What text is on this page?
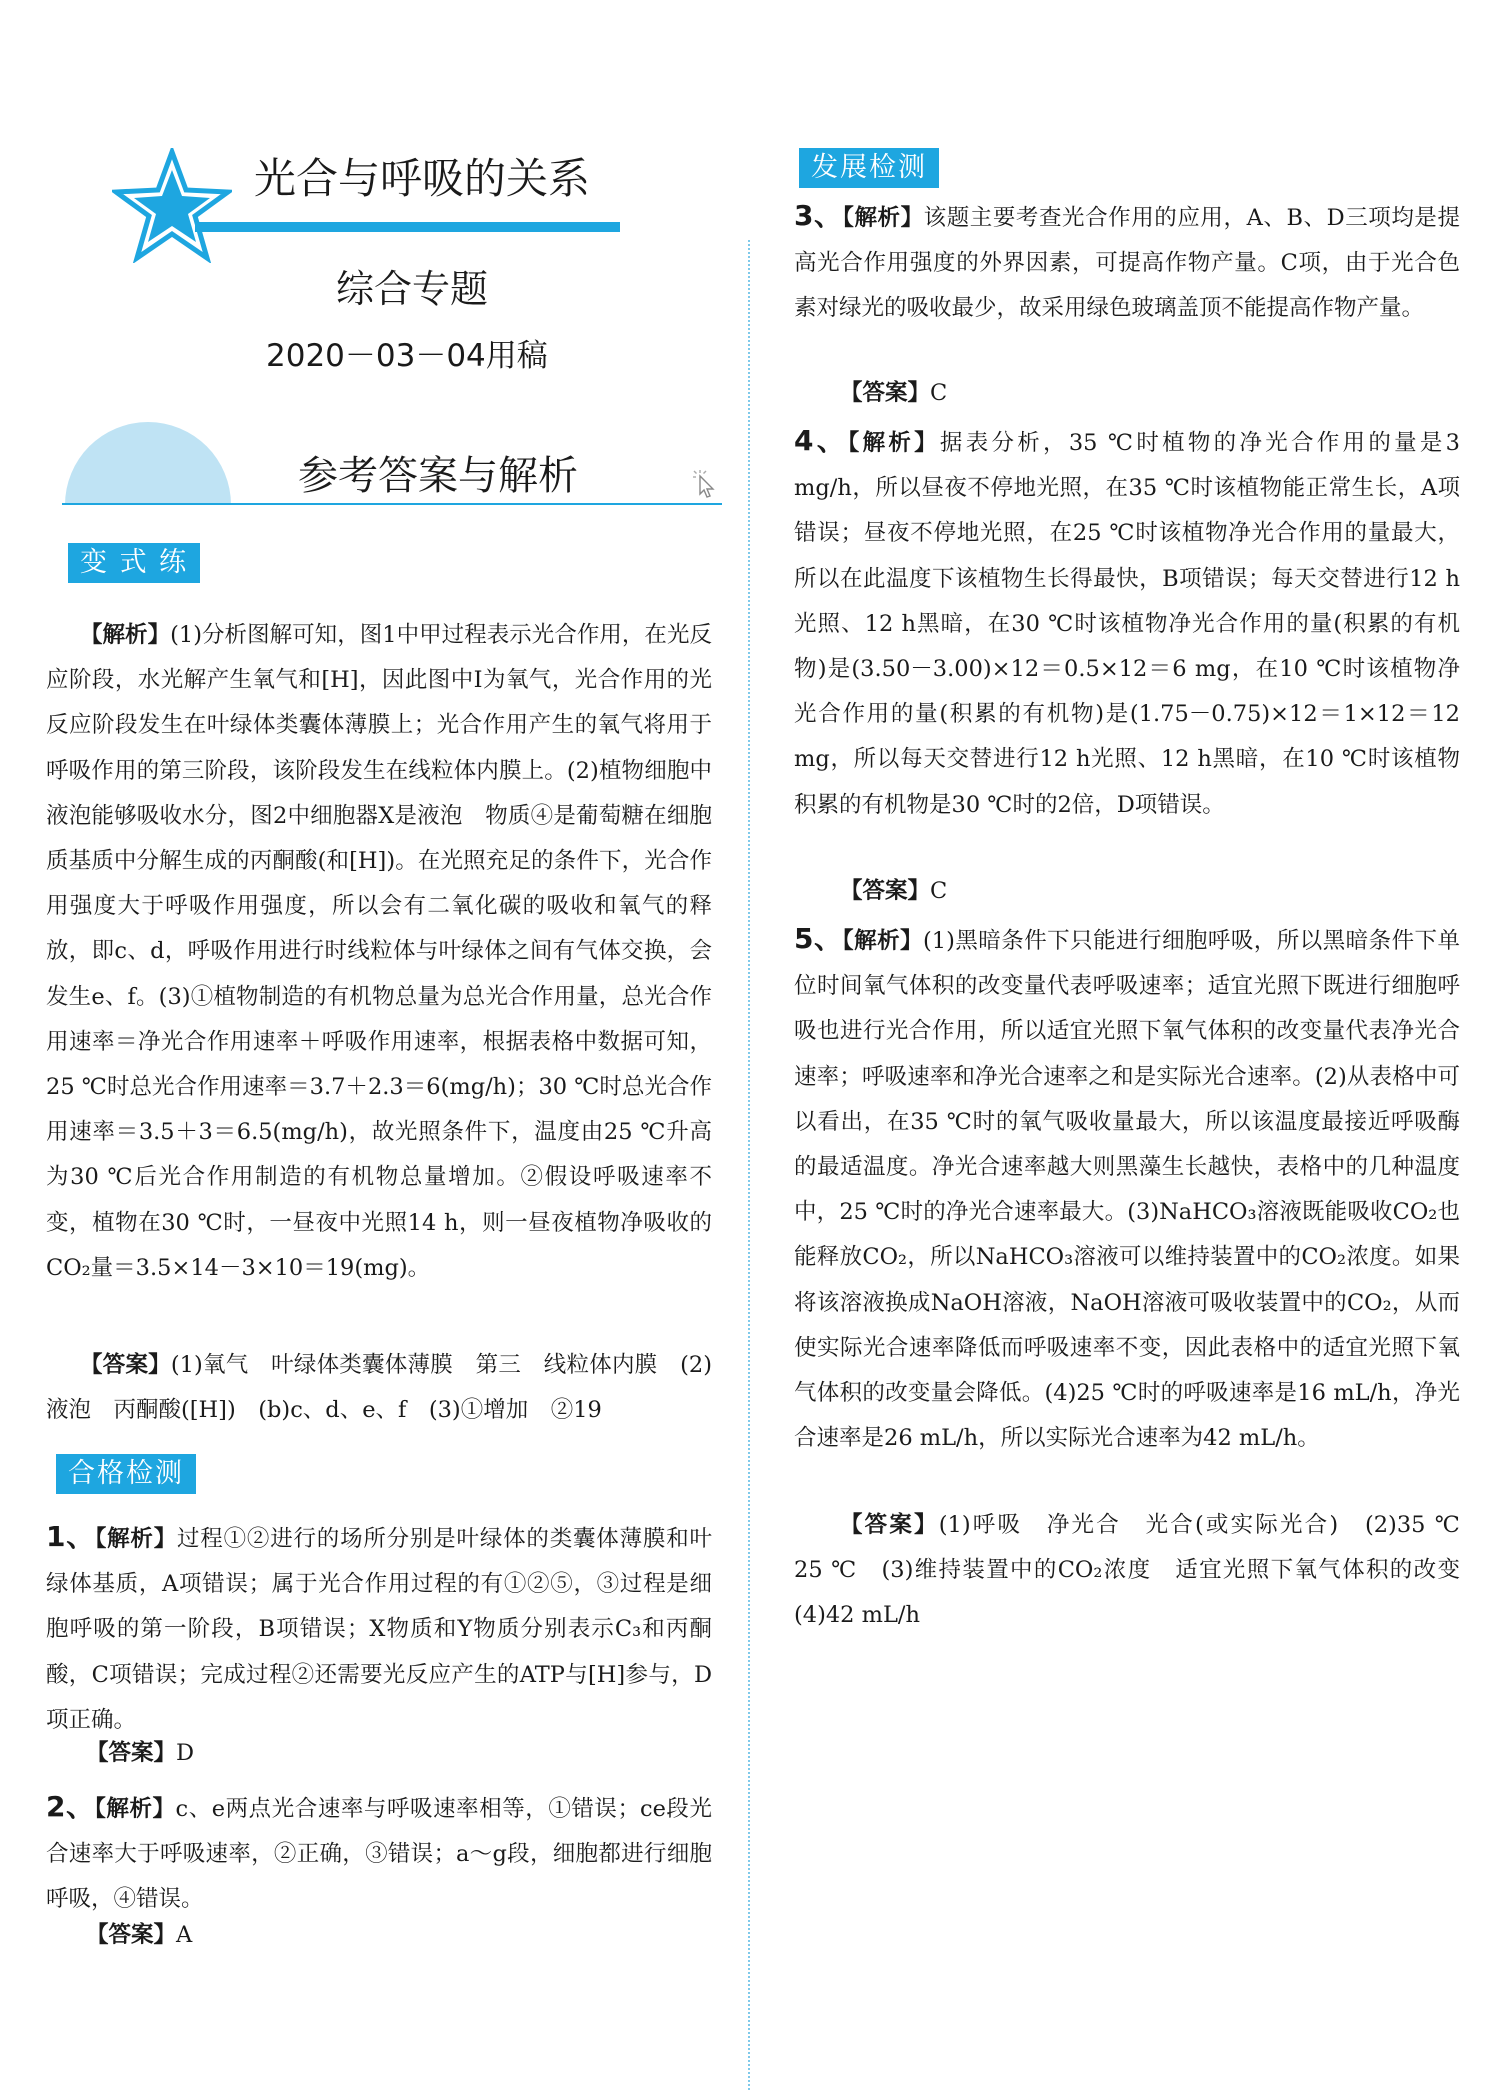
光合与呼吸的关系
综合专题
2020－03－04用稿
参考答案与解析
变 式 练
【解析】(1)分析图解可知，图1中甲过程表示光合作用，在光反应阶段，水光解产生氧气和[H]，因此图中Ⅰ为氧气，光合作用的光反应阶段发生在叶绿体类囊体薄膜上；光合作用产生的氧气将用于呼吸作用的第三阶段，该阶段发生在线粒体内膜上。(2)植物细胞中液泡能够吸收水分，图2中细胞器X是液泡　物质④是葡萄糖在细胞质基质中分解生成的丙酮酸(和[H])。在光照充足的条件下，光合作用强度大于呼吸作用强度，所以会有二氧化碳的吸收和氧气的释放，即c、d，呼吸作用进行时线粒体与叶绿体之间有气体交换，会发生e、f。(3)①植物制造的有机物总量为总光合作用量，总光合作用速率＝净光合作用速率＋呼吸作用速率，根据表格中数据可知，25 ℃时总光合作用速率＝3.7＋2.3＝6(mg/h)；30 ℃时总光合作用速率＝3.5＋3＝6.5(mg/h)，故光照条件下，温度由25 ℃升高为30 ℃后光合作用制造的有机物总量增加。②假设呼吸速率不变，植物在30 ℃时，一昼夜中光照14 h，则一昼夜植物净吸收的CO₂量＝3.5×14－3×10＝19(mg)。
【答案】(1)氧气　叶绿体类囊体薄膜　第三　线粒体内膜　(2)液泡　丙酮酸([H])　(b)c、d、e、f　(3)①增加　②19
合格检测
1、【解析】过程①②进行的场所分别是叶绿体的类囊体薄膜和叶绿体基质，A项错误；属于光合作用过程的有①②⑤，③过程是细胞呼吸的第一阶段，B项错误；X物质和Y物质分别表示C₃和丙酮酸，C项错误；完成过程②还需要光反应产生的ATP与[H]参与，D项正确。
【答案】D
2、【解析】c、e两点光合速率与呼吸速率相等，①错误；ce段光合速率大于呼吸速率，②正确，③错误；a～g段，细胞都进行细胞呼吸，④错误。
【答案】A
发展检测
3、【解析】该题主要考查光合作用的应用，A、B、D三项均是提高光合作用强度的外界因素，可提高作物产量。C项，由于光合色素对绿光的吸收最少，故采用绿色玻璃盖顶不能提高作物产量。
【答案】C
4、【解析】据表分析，35 ℃时植物的净光合作用的量是3 mg/h，所以昼夜不停地光照，在35 ℃时该植物能正常生长，A项错误；昼夜不停地光照，在25 ℃时该植物净光合作用的量最大，所以在此温度下该植物生长得最快，B项错误；每天交替进行12 h光照、12 h黑暗，在30 ℃时该植物净光合作用的量(积累的有机物)是(3.50－3.00)×12＝0.5×12＝6 mg，在10 ℃时该植物净光合作用的量(积累的有机物)是(1.75－0.75)×12＝1×12＝12 mg，所以每天交替进行12 h光照、12 h黑暗，在10 ℃时该植物积累的有机物是30 ℃时的2倍，D项错误。
【答案】C
5、【解析】(1)黑暗条件下只能进行细胞呼吸，所以黑暗条件下单位时间氧气体积的改变量代表呼吸速率；适宜光照下既进行细胞呼吸也进行光合作用，所以适宜光照下氧气体积的改变量代表净光合速率；呼吸速率和净光合速率之和是实际光合速率。(2)从表格中可以看出，在35 ℃时的氧气吸收量最大，所以该温度最接近呼吸酶的最适温度。净光合速率越大则黑藻生长越快，表格中的几种温度中，25 ℃时的净光合速率最大。(3)NaHCO₃溶液既能吸收CO₂也能释放CO₂，所以NaHCO₃溶液可以维持装置中的CO₂浓度。如果将该溶液换成NaOH溶液，NaOH溶液可吸收装置中的CO₂，从而使实际光合速率降低而呼吸速率不变，因此表格中的适宜光照下氧气体积的改变量会降低。(4)25 ℃时的呼吸速率是16 mL/h，净光合速率是26 mL/h，所以实际光合速率为42 mL/h。
【答案】(1)呼吸　净光合　光合(或实际光合)　(2)35 ℃　25 ℃　(3)维持装置中的CO₂浓度　适宜光照下氧气体积的改变　(4)42 mL/h
